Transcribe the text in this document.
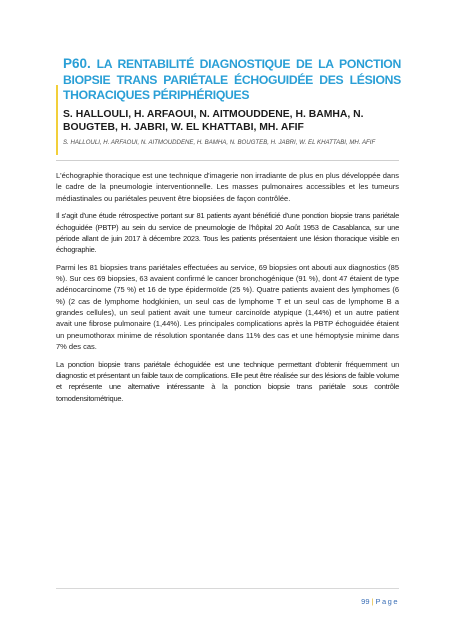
P60. LA RENTABILITÉ DIAGNOSTIQUE DE LA PONCTION BIOPSIE TRANS PARIÉTALE ÉCHOGUIDÉE DES LÉSIONS THORACIQUES PÉRIPHÉRIQUES

S. HALLOULI, H. ARFAOUI, N. AITMOUDDENE, H. BAMHA, N. BOUGTEB, H. JABRI, W. EL KHATTABI, MH. AFIF

S. HALLOULI, H. ARFAOUI, N. AITMOUDDENE, H. BAMHA, N. BOUGTEB, H. JABRI, W. EL KHATTABI, MH. AFIF

L'échographie thoracique est une technique d'imagerie non irradiante de plus en plus développée dans le cadre de la pneumologie interventionnelle. Les masses pulmonaires accessibles et les tumeurs médiastinales ou pariétales peuvent être biopsiées de façon contrôlée.

Il s'agit d'une étude rétrospective portant sur 81 patients ayant bénéficié d'une ponction biopsie trans pariétale échoguidée (PBTP) au sein du service de pneumologie de l'hôpital 20 Août 1953 de Casablanca, sur une période allant de juin 2017 à décembre 2023. Tous les patients présentaient une lésion thoracique visible en échographie.

Parmi les 81 biopsies trans pariétales effectuées au service, 69 biopsies ont abouti aux diagnostics (85 %). Sur ces 69 biopsies, 63 avaient confirmé le cancer bronchogénique (91 %), dont 47 étaient de type adénocarcinome (75 %) et 16 de type épidermoïde (25 %). Quatre patients avaient des lymphomes (6 %) (2 cas de lymphome hodgkinien, un seul cas de lymphome T et un seul cas de lymphome B a grandes cellules), un seul patient avait une tumeur carcinoïde atypique (1,44%) et un autre patient avait une fibrose pulmonaire (1,44%). Les principales complications après la PBTP échoguidée étaient un pneumothorax minime de résolution spontanée dans 11% des cas et une hémoptysie minime dans 7% des cas.

La ponction biopsie trans pariétale échoguidée est une technique permettant d'obtenir fréquemment un diagnostic et présentant un faible taux de complications. Elle peut être réalisée sur des lésions de faible volume et représente une alternative intéressante à la ponction biopsie trans pariétale sous contrôle tomodensitométrique.

99 | Page
